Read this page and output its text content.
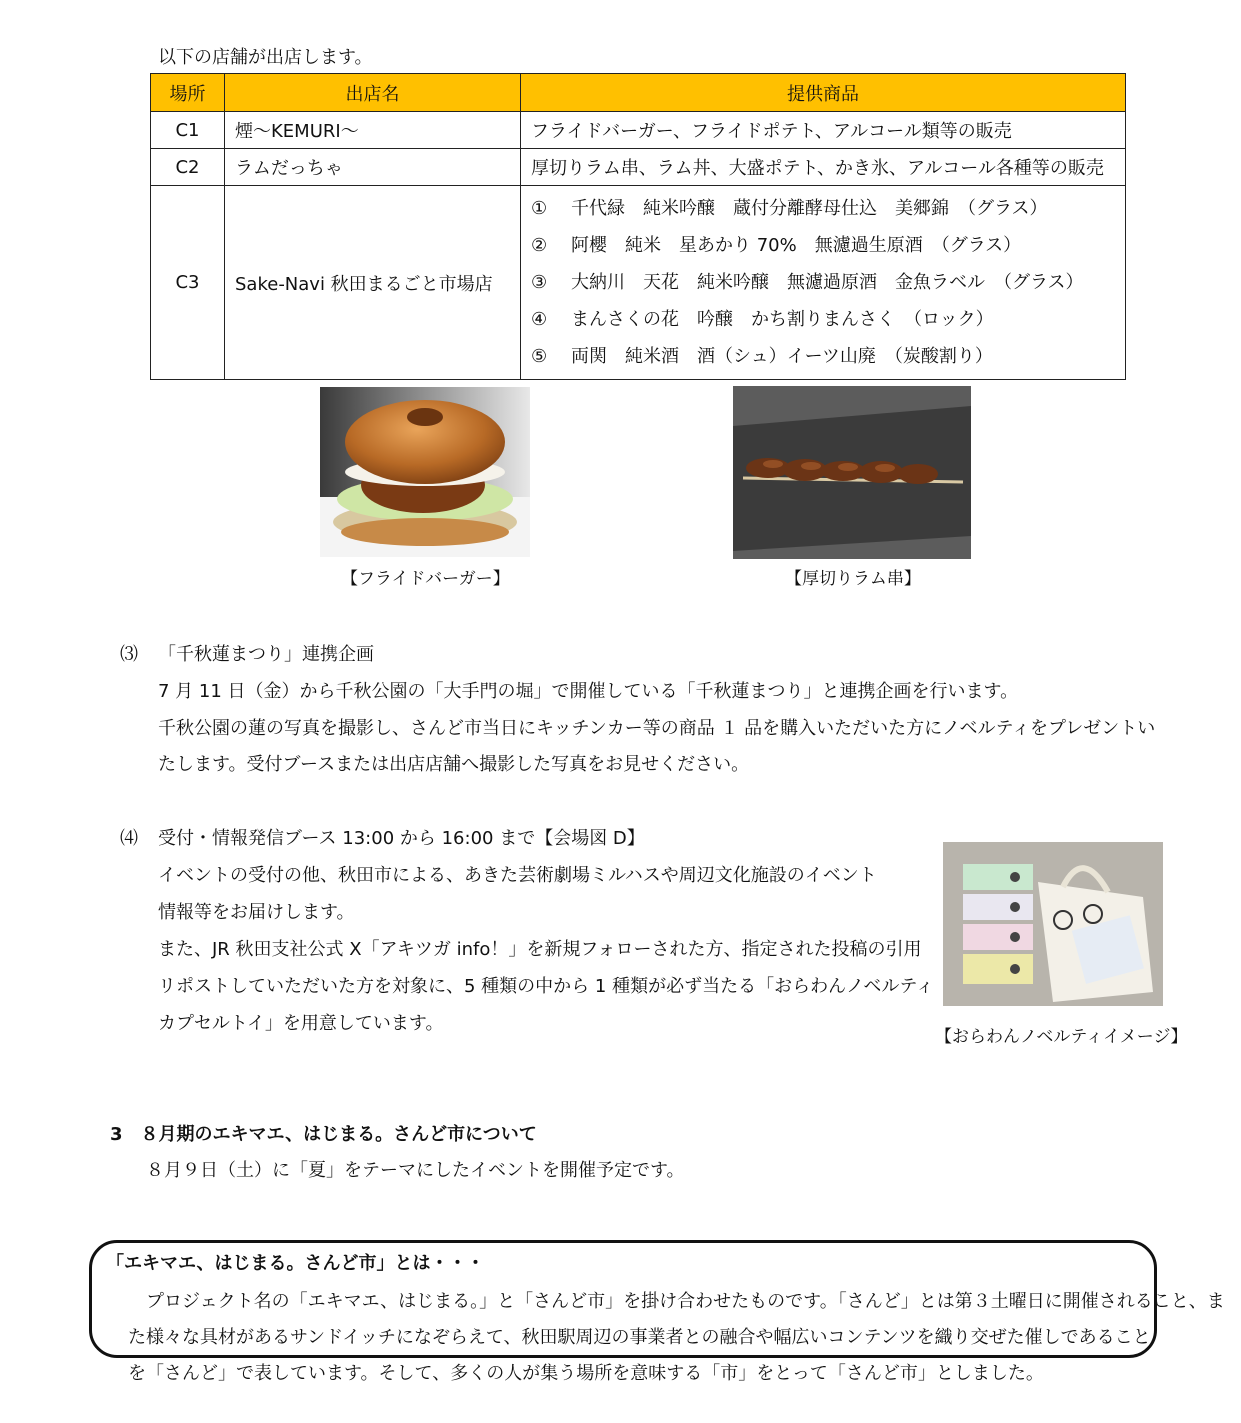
以下の店舗が出店します。
場所	出店名	提供商品
C1	煙～KEMURI～	フライドバーガー、フライドポテト、アルコール類等の販売
C2	ラムだっちゃ	厚切りラム串、ラム丼、大盛ポテト、かき氷、アルコール各種等の販売
C3	Sake-Navi 秋田まるごと市場店	① 千代緑　純米吟醸　蔵付分離酵母仕込　美郷錦　（グラス）
② 阿櫻　純米　星あかり 70%　無濾過生原酒　（グラス）
③ 大納川　天花　純米吟醸　無濾過原酒　金魚ラベル　（グラス）
④ まんさくの花　吟醸　かち割りまんさく　（ロック）
⑤ 両関　純米酒　酒（シュ）イーツ山廃　（炭酸割り）
【フライドバーガー】	【厚切りラム串】
⑶ 「千秋蓮まつり」連携企画
7 月 11 日（金）から千秋公園の「大手門の堀」で開催している「千秋蓮まつり」と連携企画を行います。
千秋公園の蓮の写真を撮影し、さんど市当日にキッチンカー等の商品 １ 品を購入いただいた方にノベルティをプレゼントい
たします。受付ブースまたは出店店舗へ撮影した写真をお見せください。
⑷ 受付・情報発信ブース 13:00 から 16:00 まで【会場図 D】
イベントの受付の他、秋田市による、あきた芸術劇場ミルハスや周辺文化施設のイベント
情報等をお届けします。
また、JR 秋田支社公式 X「アキツガ info！」を新規フォローされた方、指定された投稿の引用
リポストしていただいた方を対象に、5 種類の中から 1 種類が必ず当たる「おらわんノベルティ
カプセルトイ」を用意しています。
【おらわんノベルティイメージ】
3　８月期のエキマエ、はじまる。さんど市について
８月９日（土）に「夏」をテーマにしたイベントを開催予定です。
「エキマエ、はじまる。さんど市」とは・・・
　プロジェクト名の「エキマエ、はじまる。」と「さんど市」を掛け合わせたものです。「さんど」とは第３土曜日に開催されること、ま
た様々な具材があるサンドイッチになぞらえて、秋田駅周辺の事業者との融合や幅広いコンテンツを織り交ぜた催しであること
を「さんど」で表しています。そして、多くの人が集う場所を意味する「市」をとって「さんど市」としました。
